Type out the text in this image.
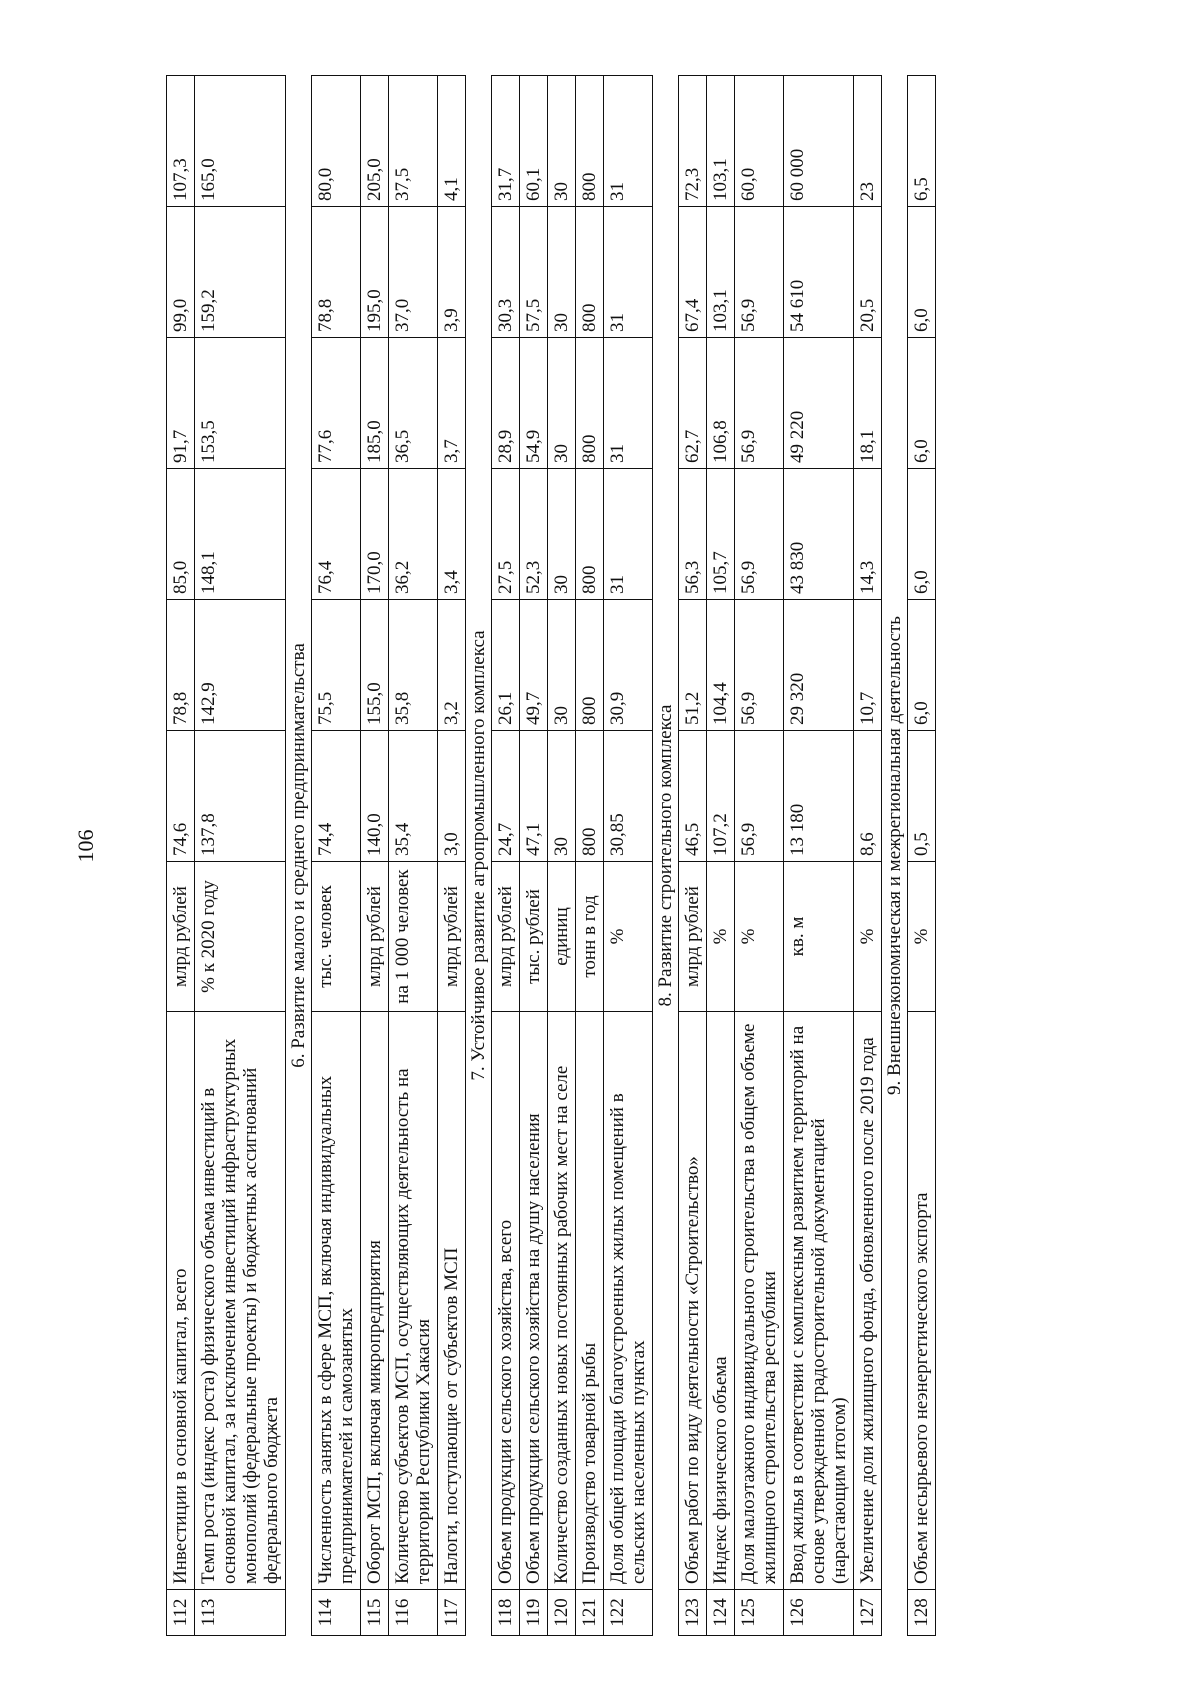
106
112	Инвестиции в основной капитал, всего	млрд рублей	74,6	78,8	85,0	91,7	99,0	107,3
113	Темп роста (индекс роста) физического объема инвестиций в основной капитал, за исключением инвестиций инфраструктурных монополий (федеральные проекты) и бюджетных ассигнований федерального бюджета	% к 2020 году	137,8	142,9	148,1	153,5	159,2	165,0
6. Развитие малого и среднего предпринимательства								
114	Численность занятых в сфере МСП, включая индивидуальных предпринимателей и самозанятых	тыс. человек	74,4	75,5	76,4	77,6	78,8	80,0
115	Оборот МСП, включая микропредприятия	млрд рублей	140,0	155,0	170,0	185,0	195,0	205,0
116	Количество субъектов МСП, осуществляющих деятельность на территории Республики Хакасия	на 1 000 человек	35,4	35,8	36,2	36,5	37,0	37,5
117	Налоги, поступающие от субъектов МСП	млрд рублей	3,0	3,2	3,4	3,7	3,9	4,1
7. Устойчивое развитие агропромышленного комплекса								
118	Объем продукции сельского хозяйства, всего	млрд рублей	24,7	26,1	27,5	28,9	30,3	31,7
119	Объем продукции сельского хозяйства на душу населения	тыс. рублей	47,1	49,7	52,3	54,9	57,5	60,1
120	Количество созданных новых постоянных рабочих мест на селе	единиц	30	30	30	30	30	30
121	Производство товарной рыбы	тонн в год	800	800	800	800	800	800
122	Доля общей площади благоустроенных жилых помещений в сельских населенных пунктах	%	30,85	30,9	31	31	31	31
8. Развитие строительного комплекса								
123	Объем работ по виду деятельности «Строительство»	млрд рублей	46,5	51,2	56,3	62,7	67,4	72,3
124	Индекс физического объема	%	107,2	104,4	105,7	106,8	103,1	103,1
125	Доля малоэтажного индивидуального строительства в общем объеме жилищного строительства республики	%	56,9	56,9	56,9	56,9	56,9	60,0
126	Ввод жилья в соответствии с комплексным развитием территорий на основе утвержденной градостроительной документацией (нарастающим итогом)	кв. м	13 180	29 320	43 830	49 220	54 610	60 000
127	Увеличение доли жилищного фонда, обновленного после 2019 года	%	8,6	10,7	14,3	18,1	20,5	23
9. Внешнеэкономическая и межрегиональная деятельность								
128	Объем несырьевого неэнергетического экспорта	%	0,5	6,0	6,0	6,0	6,0	6,5
